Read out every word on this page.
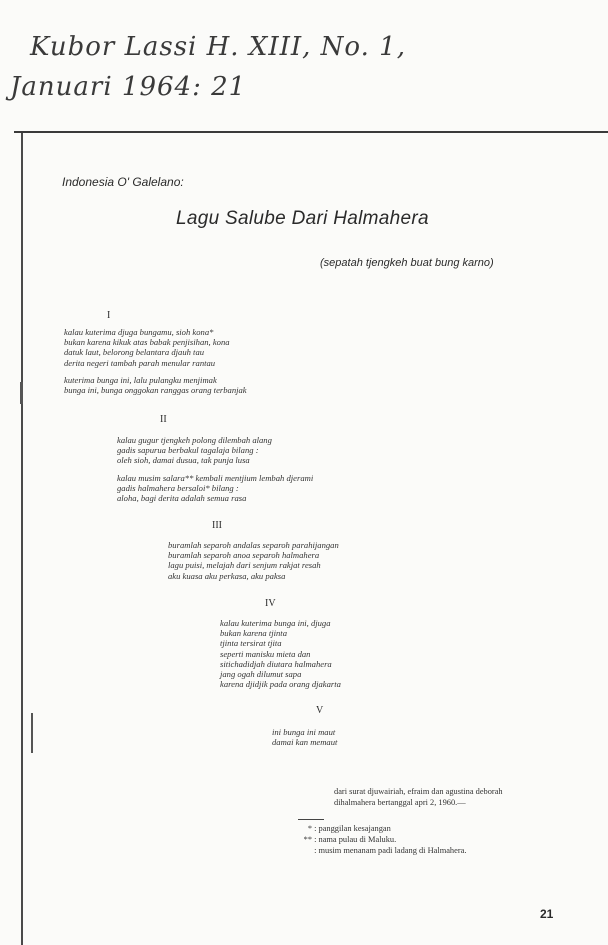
Kubor Lassi H. XIII, No. 1,
Januari 1964: 21
Indonesia O' Galelano:
Lagu Salube Dari Halmahera
(sepatah tjengkeh buat bung karno)
I
kalau kuterima djuga bungamu, sioh kona*
bukan karena kikuk atas babak penjisihan, kona
datuk laut, belorong belantara djauh tau
derita negeri tambah parah menular rantau
kuterima bunga ini, lalu pulangku menjimak
bunga ini, bunga onggokan ranggas orang terbanjak
II
kalau gugur tjengkeh polong dilembah alang
gadis sapurua berbakul tagalaja bilang :
oleh sioh, damai dusua, tak punja lusa
kalau musim salara** kembali mentjium lembah djerami
gadis halmahera bersaloi* bilang :
aloha, bagi derita adalah semua rasa
III
buramlah separoh andalas separoh parahijangan
buramlah separoh anoa separoh halmahera
lagu puisi, melajah dari senjum rakjat resah
aku kuasa aku perkasa, aku paksa
IV
kalau kuterima bunga ini, djuga
bukan karena tjinta
tjinta tersirat tjita
seperti manisku mieta dan
sitichadidjah diutara halmahera
jang ogah dilumut sapa
karena djidjik pada orang djakarta
V
ini bunga ini maut
damai kan memaut
dari surat djuwairiah, efraim dan agustina deborah
dihalmahera bertanggal apri 2, 1960.—
* : panggilan kesajangan
** : nama pulau di Maluku.
: musim menanam padi ladang di Halmahera.
21
